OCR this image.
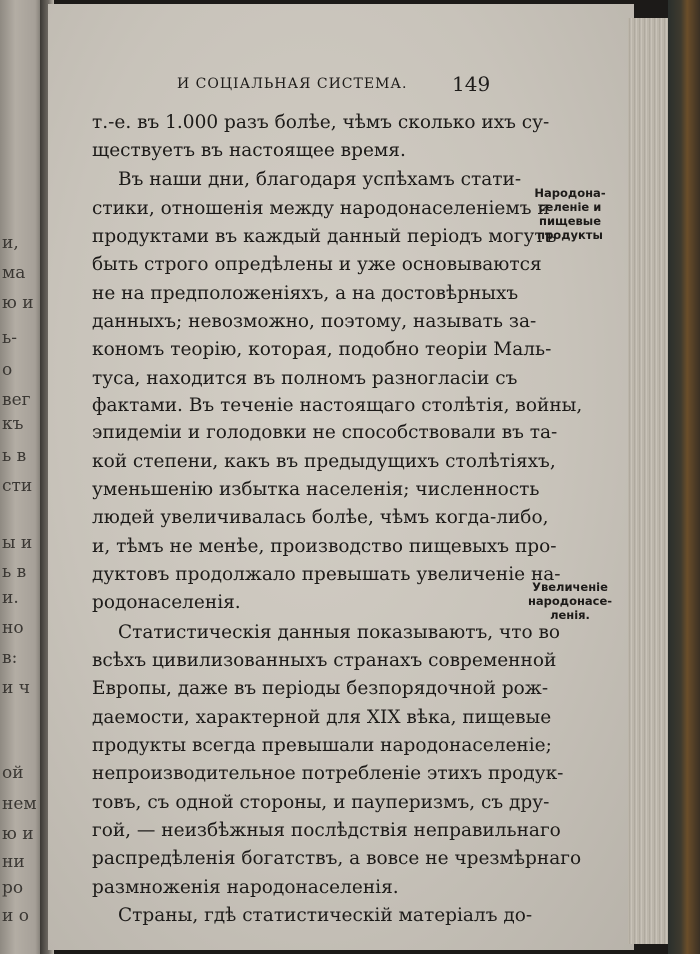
и,
ма
ю и
ь-
о
вег
къ
ь в
сти
ы и
ь в
и.
но
в:
и ч
ой
нем
ю и
ни
ро
и о
И СОЦІАЛЬНАЯ СИСТЕМА. 149
т.-е. въ 1.000 разъ болѣе, чѣмъ сколько ихъ су-
ществуетъ въ настоящее время.
Въ наши дни, благодаря успѣхамъ стати-
стики, отношенія между народонаселеніемъ и
продуктами въ каждый данный періодъ могутъ
быть строго опредѣлены и уже основываются
не на предположеніяхъ, а на достовѣрныхъ
данныхъ; невозможно, поэтому, называть за-
кономъ теорію, которая, подобно теоріи Маль-
туса, находится въ полномъ разногласіи съ
фактами. Въ теченіе настоящаго столѣтія, войны,
эпидеміи и голодовки не способствовали въ та-
кой степени, какъ въ предыдущихъ столѣтіяхъ,
уменьшенію избытка населенія; численность
людей увеличивалась болѣе, чѣмъ когда-либо,
и, тѣмъ не менѣе, производство пищевыхъ про-
дуктовъ продолжало превышать увеличеніе на-
родонаселенія.
Статистическія данныя показываютъ, что во
всѣхъ цивилизованныхъ странахъ современной
Европы, даже въ періоды безпорядочной рож-
даемости, характерной для XIX вѣка, пищевые
продукты всегда превышали народонаселеніе;
непроизводительное потребленіе этихъ продук-
товъ, съ одной стороны, и пауперизмъ, съ дру-
гой, — неизбѣжныя послѣдствія неправильнаго
распредѣленія богатствъ, а вовсе не чрезмѣрнаго
размноженія народонаселенія.
Страны, гдѣ статистическій матеріалъ до-
Народона-
селеніе и
пищевые
продукты
Увеличеніе
народонасе-
ленія.
